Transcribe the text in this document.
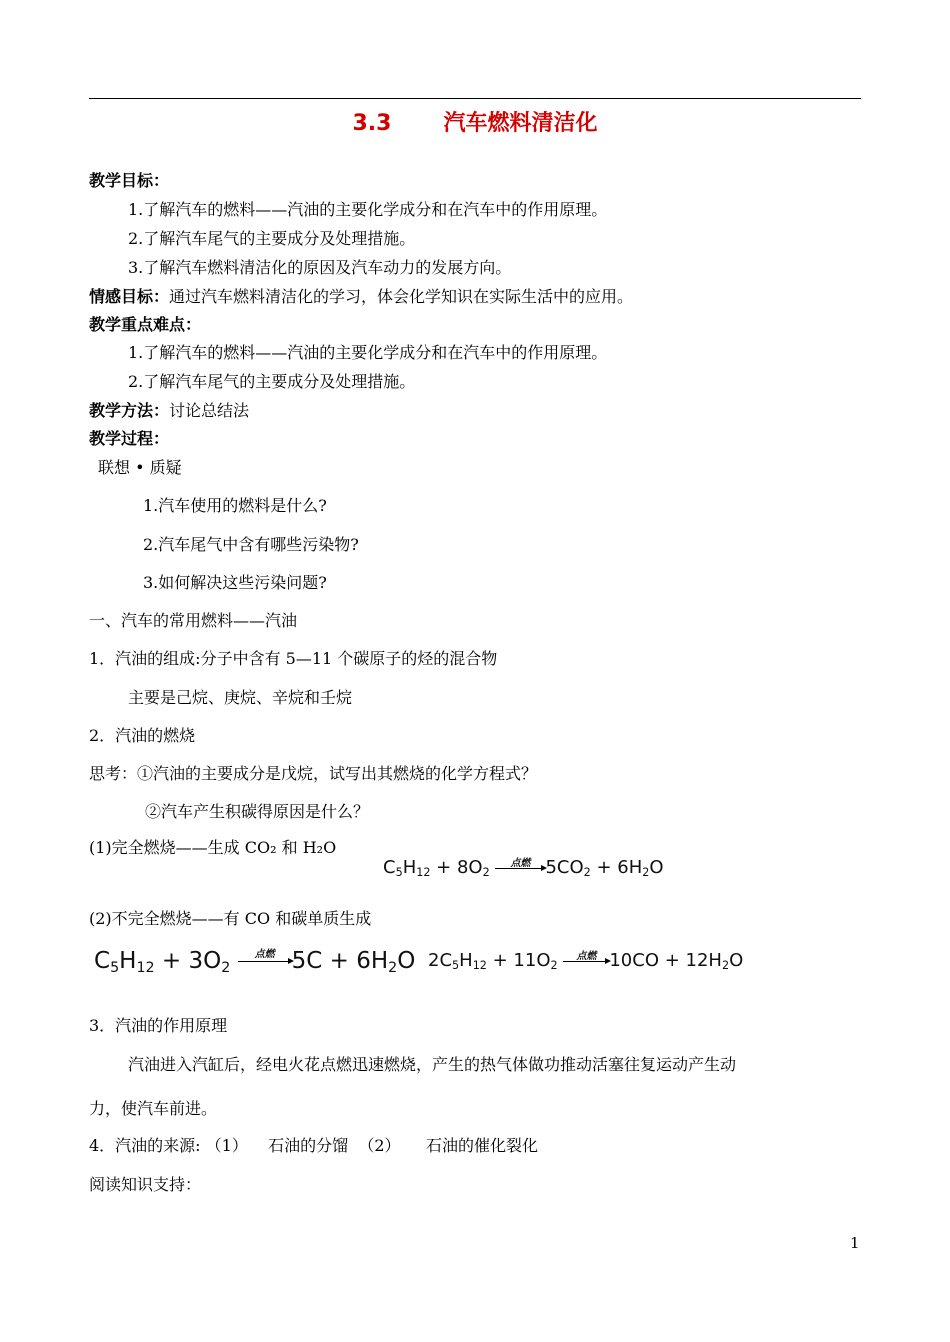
3.3 汽车燃料清洁化
教学目标：
1.了解汽车的燃料——汽油的主要化学成分和在汽车中的作用原理。
2.了解汽车尾气的主要成分及处理措施。
3.了解汽车燃料清洁化的原因及汽车动力的发展方向。
情感目标：通过汽车燃料清洁化的学习，体会化学知识在实际生活中的应用。
教学重点难点：
1.了解汽车的燃料——汽油的主要化学成分和在汽车中的作用原理。
2.了解汽车尾气的主要成分及处理措施。
教学方法：讨论总结法
教学过程：
联想 • 质疑
1.汽车使用的燃料是什么?
2.汽车尾气中含有哪些污染物?
3.如何解决这些污染问题?
一、汽车的常用燃料——汽油
1．汽油的组成:分子中含有 5—11 个碳原子的烃的混合物
主要是己烷、庚烷、辛烷和壬烷
2．汽油的燃烧
思考：①汽油的主要成分是戊烷，试写出其燃烧的化学方程式？
②汽车产生积碳得原因是什么？
(1)完全燃烧——生成 CO₂ 和 H₂O
C5H12 + 8O2
点燃 5CO2 + 6H2O
(2)不完全燃烧——有 CO 和碳单质生成
C5H12 + 3O2
点燃 5C + 6H2O 2C5H12 + 11O2
点燃 10CO + 12H2O
3．汽油的作用原理
汽油进入汽缸后，经电火花点燃迅速燃烧，产生的热气体做功推动活塞往复运动产生动
力，使汽车前进。
4．汽油的来源: （1）    石油的分馏  （2）     石油的催化裂化
阅读知识支持：
1
